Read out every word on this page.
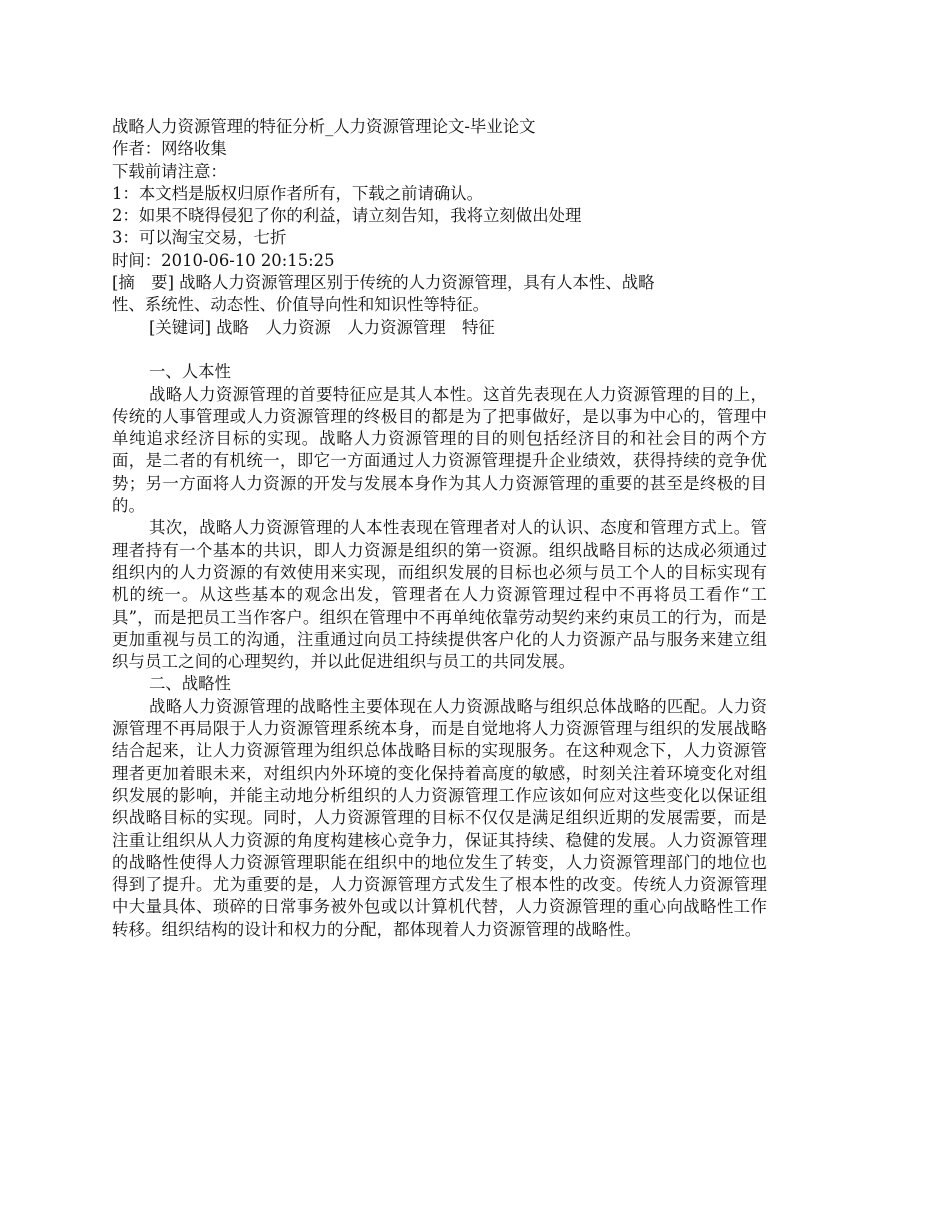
战略人力资源管理的特征分析_人力资源管理论文-毕业论文
作者：网络收集
下载前请注意：
1：本文档是版权归原作者所有，下载之前请确认。
2：如果不晓得侵犯了你的利益，请立刻告知，我将立刻做出处理
3：可以淘宝交易，七折
时间：2010-06-10 20:15:25
[摘　要] 战略人力资源管理区别于传统的人力资源管理，具有人本性、战略
性、系统性、动态性、价值导向性和知识性等特征。
[关键词] 战略　人力资源　人力资源管理　特征
一、人本性
战略人力资源管理的首要特征应是其人本性。这首先表现在人力资源管理的目的上，传统的人事管理或人力资源管理的终极目的都是为了把事做好，是以事为中心的，管理中单纯追求经济目标的实现。战略人力资源管理的目的则包括经济目的和社会目的两个方面，是二者的有机统一，即它一方面通过人力资源管理提升企业绩效，获得持续的竞争优势；另一方面将人力资源的开发与发展本身作为其人力资源管理的重要的甚至是终极的目的。
其次，战略人力资源管理的人本性表现在管理者对人的认识、态度和管理方式上。管理者持有一个基本的共识，即人力资源是组织的第一资源。组织战略目标的达成必须通过组织内的人力资源的有效使用来实现，而组织发展的目标也必须与员工个人的目标实现有机的统一。从这些基本的观念出发，管理者在人力资源管理过程中不再将员工看作“工具”，而是把员工当作客户。组织在管理中不再单纯依靠劳动契约来约束员工的行为，而是更加重视与员工的沟通，注重通过向员工持续提供客户化的人力资源产品与服务来建立组织与员工之间的心理契约，并以此促进组织与员工的共同发展。
二、战略性
战略人力资源管理的战略性主要体现在人力资源战略与组织总体战略的匹配。人力资源管理不再局限于人力资源管理系统本身，而是自觉地将人力资源管理与组织的发展战略结合起来，让人力资源管理为组织总体战略目标的实现服务。在这种观念下，人力资源管理者更加着眼未来，对组织内外环境的变化保持着高度的敏感，时刻关注着环境变化对组织发展的影响，并能主动地分析组织的人力资源管理工作应该如何应对这些变化以保证组织战略目标的实现。同时，人力资源管理的目标不仅仅是满足组织近期的发展需要，而是注重让组织从人力资源的角度构建核心竞争力，保证其持续、稳健的发展。人力资源管理的战略性使得人力资源管理职能在组织中的地位发生了转变，人力资源管理部门的地位也得到了提升。尤为重要的是，人力资源管理方式发生了根本性的改变。传统人力资源管理中大量具体、琐碎的日常事务被外包或以计算机代替，人力资源管理的重心向战略性工作转移。组织结构的设计和权力的分配，都体现着人力资源管理的战略性。
